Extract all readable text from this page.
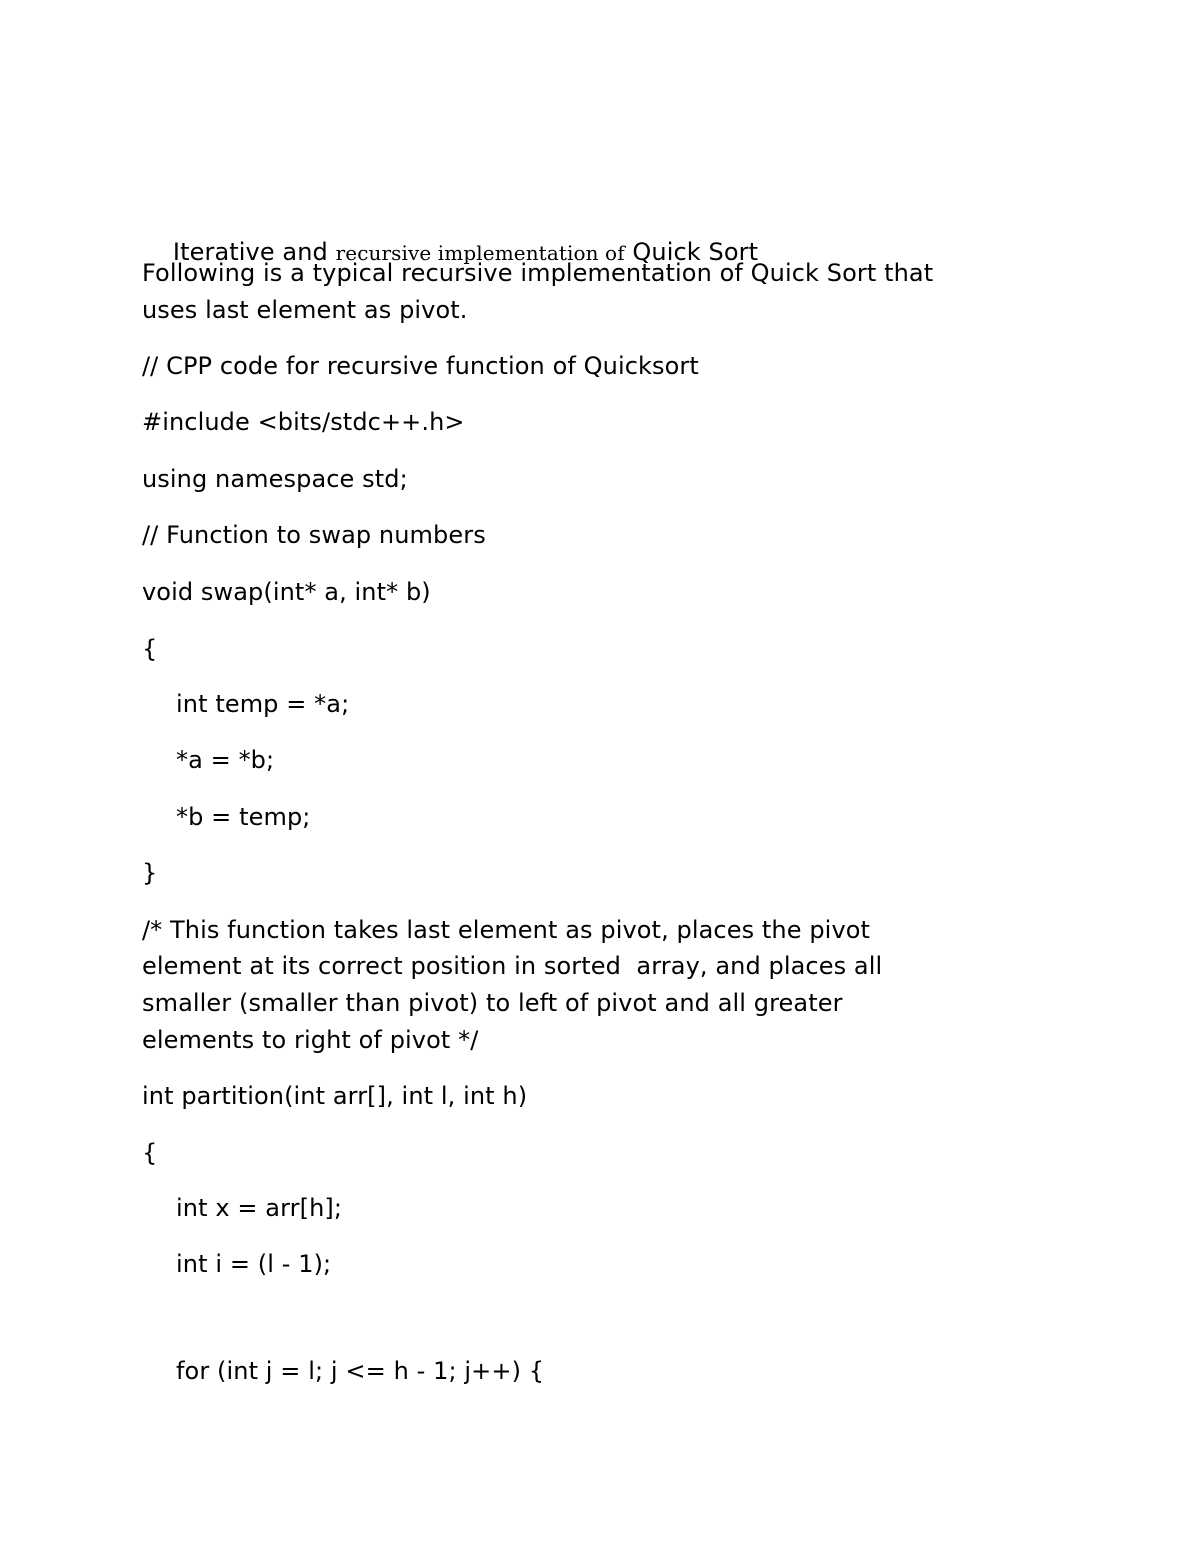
Iterative and recursive implementation of Quick Sort

Following is a typical recursive implementation of Quick Sort that
uses last element as pivot.
// CPP code for recursive function of Quicksort
#include <bits/stdc++.h>
using namespace std;
// Function to swap numbers
void swap(int* a, int* b)
{
int temp = *a;
*a = *b;
*b = temp;
}
/* This function takes last element as pivot, places the pivot
element at its correct position in sorted  array, and places all
smaller (smaller than pivot) to left of pivot and all greater
elements to right of pivot */
int partition(int arr[], int l, int h)
{
int x = arr[h];
int i = (l - 1);
for (int j = l; j <= h - 1; j++) {
